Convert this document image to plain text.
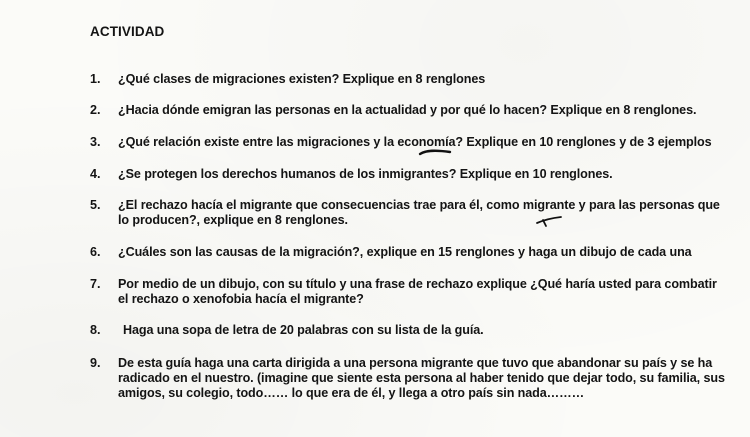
ACTIVIDAD
1.	¿Qué clases de migraciones existen? Explique en 8 renglones
2.	¿Hacia dónde emigran las personas en la actualidad y por qué lo hacen? Explique en 8 renglones.
3.	¿Qué relación existe entre las migraciones y la economía? Explique en 10 renglones y de 3 ejemplos
4.	¿Se protegen los derechos humanos de los inmigrantes? Explique en 10 renglones.
5.	¿El rechazo hacía el migrante que consecuencias trae para él, como migrante y para las personas que lo producen?, explique en 8 renglones.
6.	¿Cuáles son las causas de la migración?, explique en 15 renglones y haga un dibujo de cada una
7.	Por medio de un dibujo, con su título y una frase de rechazo explique ¿Qué haría usted para combatir el rechazo o xenofobia hacía el migrante?
8.	Haga una sopa de letra de 20 palabras con su lista de la guía.
9.	De esta guía haga una carta dirigida a una persona migrante que tuvo que abandonar su país y se ha radicado en el nuestro. (imagine que siente esta persona al haber tenido que dejar todo, su familia, sus amigos, su colegio, todo…… lo que era de él, y llega a otro país sin nada………
